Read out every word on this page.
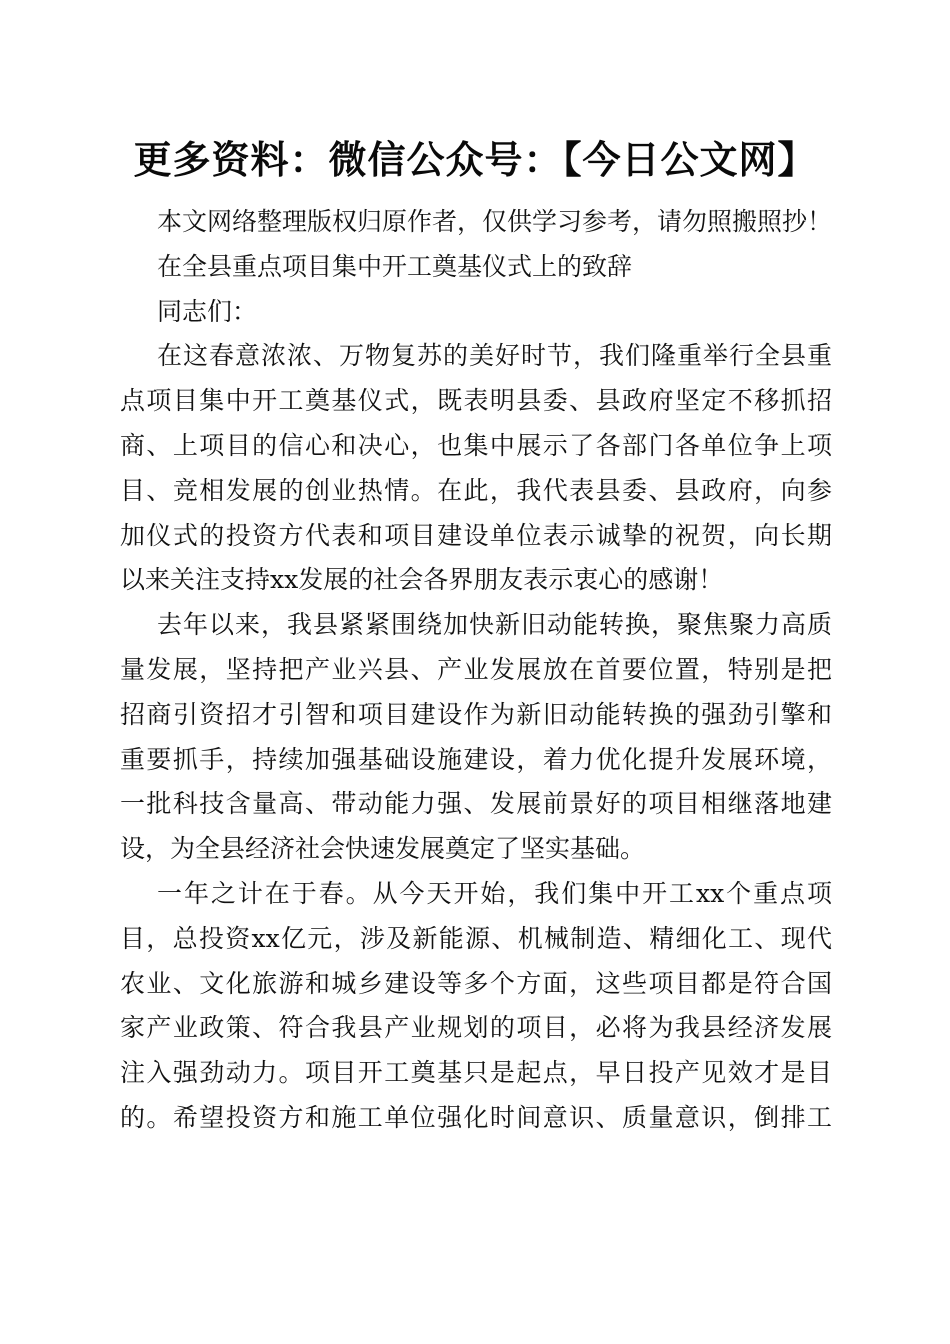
更多资料：微信公众号：【今日公文网】
本文网络整理版权归原作者，仅供学习参考，请勿照搬照抄！
在全县重点项目集中开工奠基仪式上的致辞
同志们：
在这春意浓浓、万物复苏的美好时节，我们隆重举行全县重
点项目集中开工奠基仪式，既表明县委、县政府坚定不移抓招
商、上项目的信心和决心，也集中展示了各部门各单位争上项
目、竞相发展的创业热情。在此，我代表县委、县政府，向参
加仪式的投资方代表和项目建设单位表示诚挚的祝贺，向长期
以来关注支持xx发展的社会各界朋友表示衷心的感谢！
去年以来，我县紧紧围绕加快新旧动能转换，聚焦聚力高质
量发展，坚持把产业兴县、产业发展放在首要位置，特别是把
招商引资招才引智和项目建设作为新旧动能转换的强劲引擎和
重要抓手，持续加强基础设施建设，着力优化提升发展环境，
一批科技含量高、带动能力强、发展前景好的项目相继落地建
设，为全县经济社会快速发展奠定了坚实基础。
一年之计在于春。从今天开始，我们集中开工xx个重点项
目，总投资xx亿元，涉及新能源、机械制造、精细化工、现代
农业、文化旅游和城乡建设等多个方面，这些项目都是符合国
家产业政策、符合我县产业规划的项目，必将为我县经济发展
注入强劲动力。项目开工奠基只是起点，早日投产见效才是目
的。希望投资方和施工单位强化时间意识、质量意识，倒排工
